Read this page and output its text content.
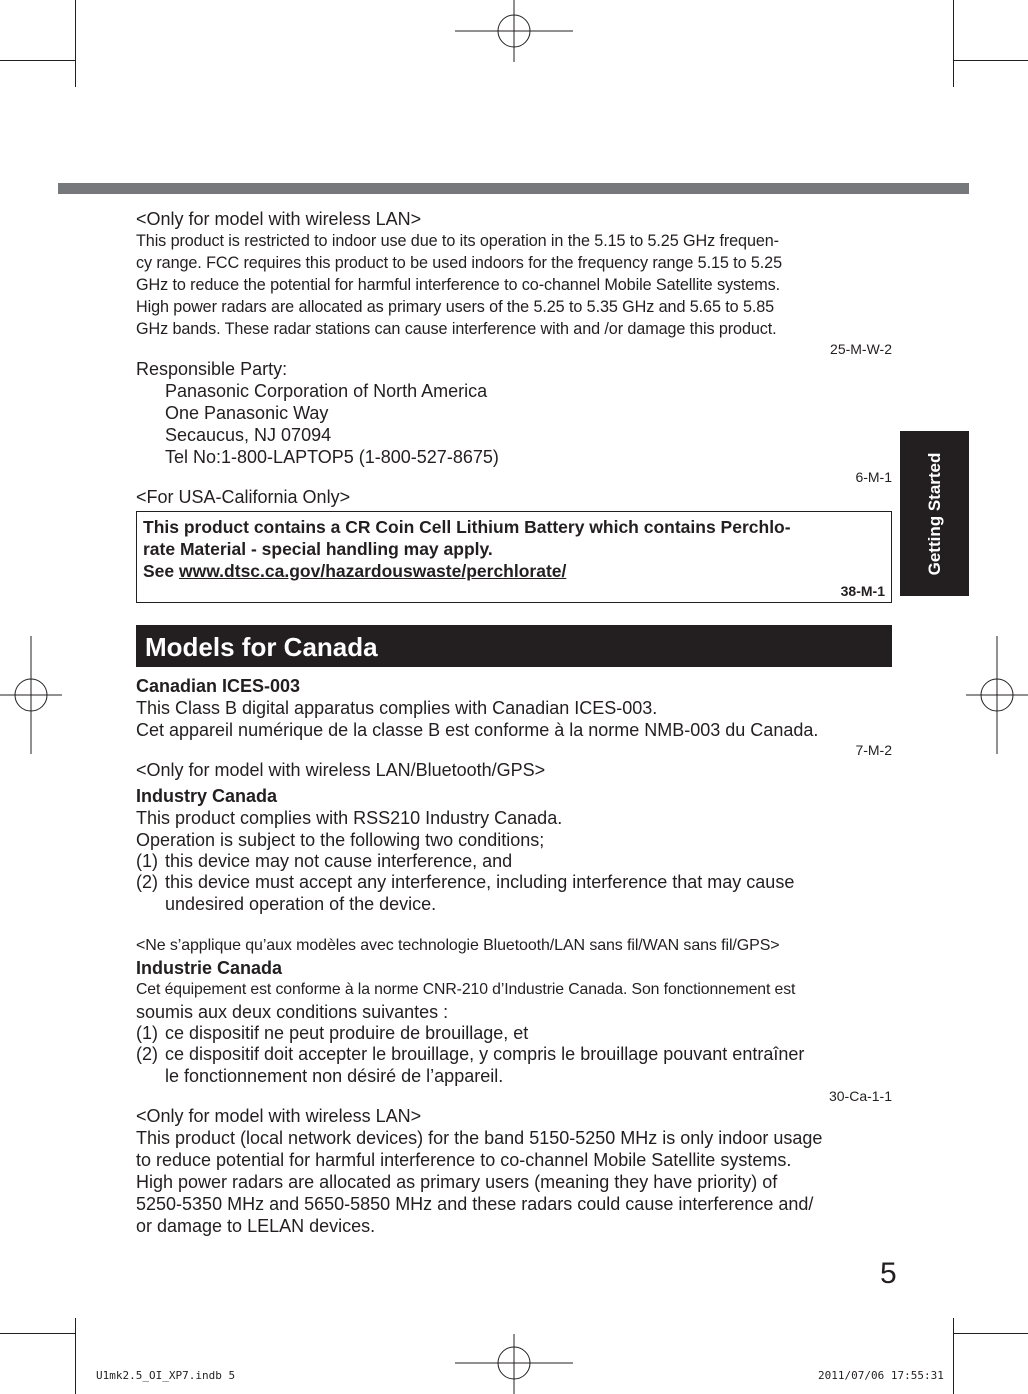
Getting Started

<Only for model with wireless LAN>

This product is restricted to indoor use due to its operation in the 5.15 to 5.25 GHz frequen-

cy range. FCC requires this product to be used indoors for the frequency range 5.15 to 5.25

GHz to reduce the potential for harmful interference to co-channel Mobile Satellite systems.

High power radars are allocated as primary users of the 5.25 to 5.35 GHz and 5.65 to 5.85

GHz bands. These radar stations can cause interference with and /or damage this product.

25-M-W-2

Responsible Party:

Panasonic Corporation of North America

One Panasonic Way

Secaucus, NJ 07094

Tel No:1-800-LAPTOP5 (1-800-527-8675)

6-M-1

<For USA-California Only>

This product contains a CR Coin Cell Lithium Battery which contains Perchlo-

rate Material - special handling may apply.

See www.dtsc.ca.gov/hazardouswaste/perchlorate/

38-M-1

Models for Canada

Canadian ICES-003

This Class B digital apparatus complies with Canadian ICES-003.

Cet appareil numérique de la classe B est conforme à la norme NMB-003 du Canada.

7-M-2

<Only for model with wireless LAN/Bluetooth/GPS>

Industry Canada

This product complies with RSS210 Industry Canada.

Operation is subject to the following two conditions;

(1) this device may not cause interference, and
(2) this device must accept any interference, including interference that may cause

undesired operation of the device.

<Ne s’applique qu’aux modèles avec technologie Bluetooth/LAN sans fil/WAN sans fil/GPS>

Industrie Canada

Cet équipement est conforme à la norme CNR-210 d’Industrie Canada. Son fonctionnement est

soumis aux deux conditions suivantes :

(1) ce dispositif ne peut produire de brouillage, et
(2) ce dispositif doit accepter le brouillage, y compris le brouillage pouvant entraîner

le fonctionnement non désiré de l’appareil.

30-Ca-1-1

<Only for model with wireless LAN>

This product (local network devices) for the band 5150-5250 MHz is only indoor usage

to reduce potential for harmful interference to co-channel Mobile Satellite systems.

High power radars are allocated as primary users (meaning they have priority) of

5250-5350 MHz and 5650-5850 MHz and these radars could cause interference and/

or damage to LELAN devices.

5
U1mk2.5_OI_XP7.indb 5	2011/07/06 17:55:31
